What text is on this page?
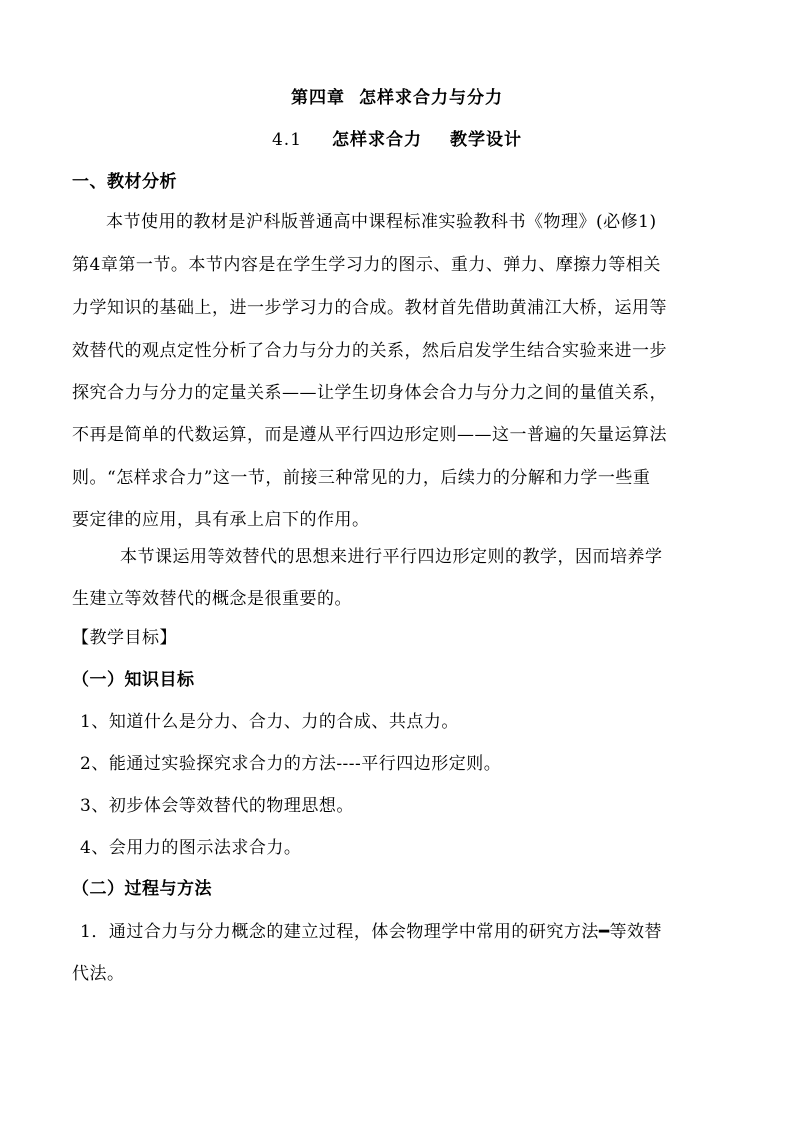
第四章 怎样求合力与分力
4.1 怎样求合力 教学设计
一、教材分析
本节使用的教材是沪科版普通高中课程标准实验教科书《物理》(必修1)
第4章第一节。本节内容是在学生学习力的图示、重力、弹力、摩擦力等相关
力学知识的基础上，进一步学习力的合成。教材首先借助黄浦江大桥，运用等
效替代的观点定性分析了合力与分力的关系，然后启发学生结合实验来进一步
探究合力与分力的定量关系——让学生切身体会合力与分力之间的量值关系，
不再是简单的代数运算，而是遵从平行四边形定则——这一普遍的矢量运算法
则。“怎样求合力”这一节，前接三种常见的力，后续力的分解和力学一些重
要定律的应用，具有承上启下的作用。
本节课运用等效替代的思想来进行平行四边形定则的教学，因而培养学
生建立等效替代的概念是很重要的。
【教学目标】
（一）知识目标
1、知道什么是分力、合力、力的合成、共点力。
2、能通过实验探究求合力的方法----平行四边形定则。
3、初步体会等效替代的物理思想。
4、会用力的图示法求合力。
（二）过程与方法
1．通过合力与分力概念的建立过程，体会物理学中常用的研究方法━等效替
代法。
